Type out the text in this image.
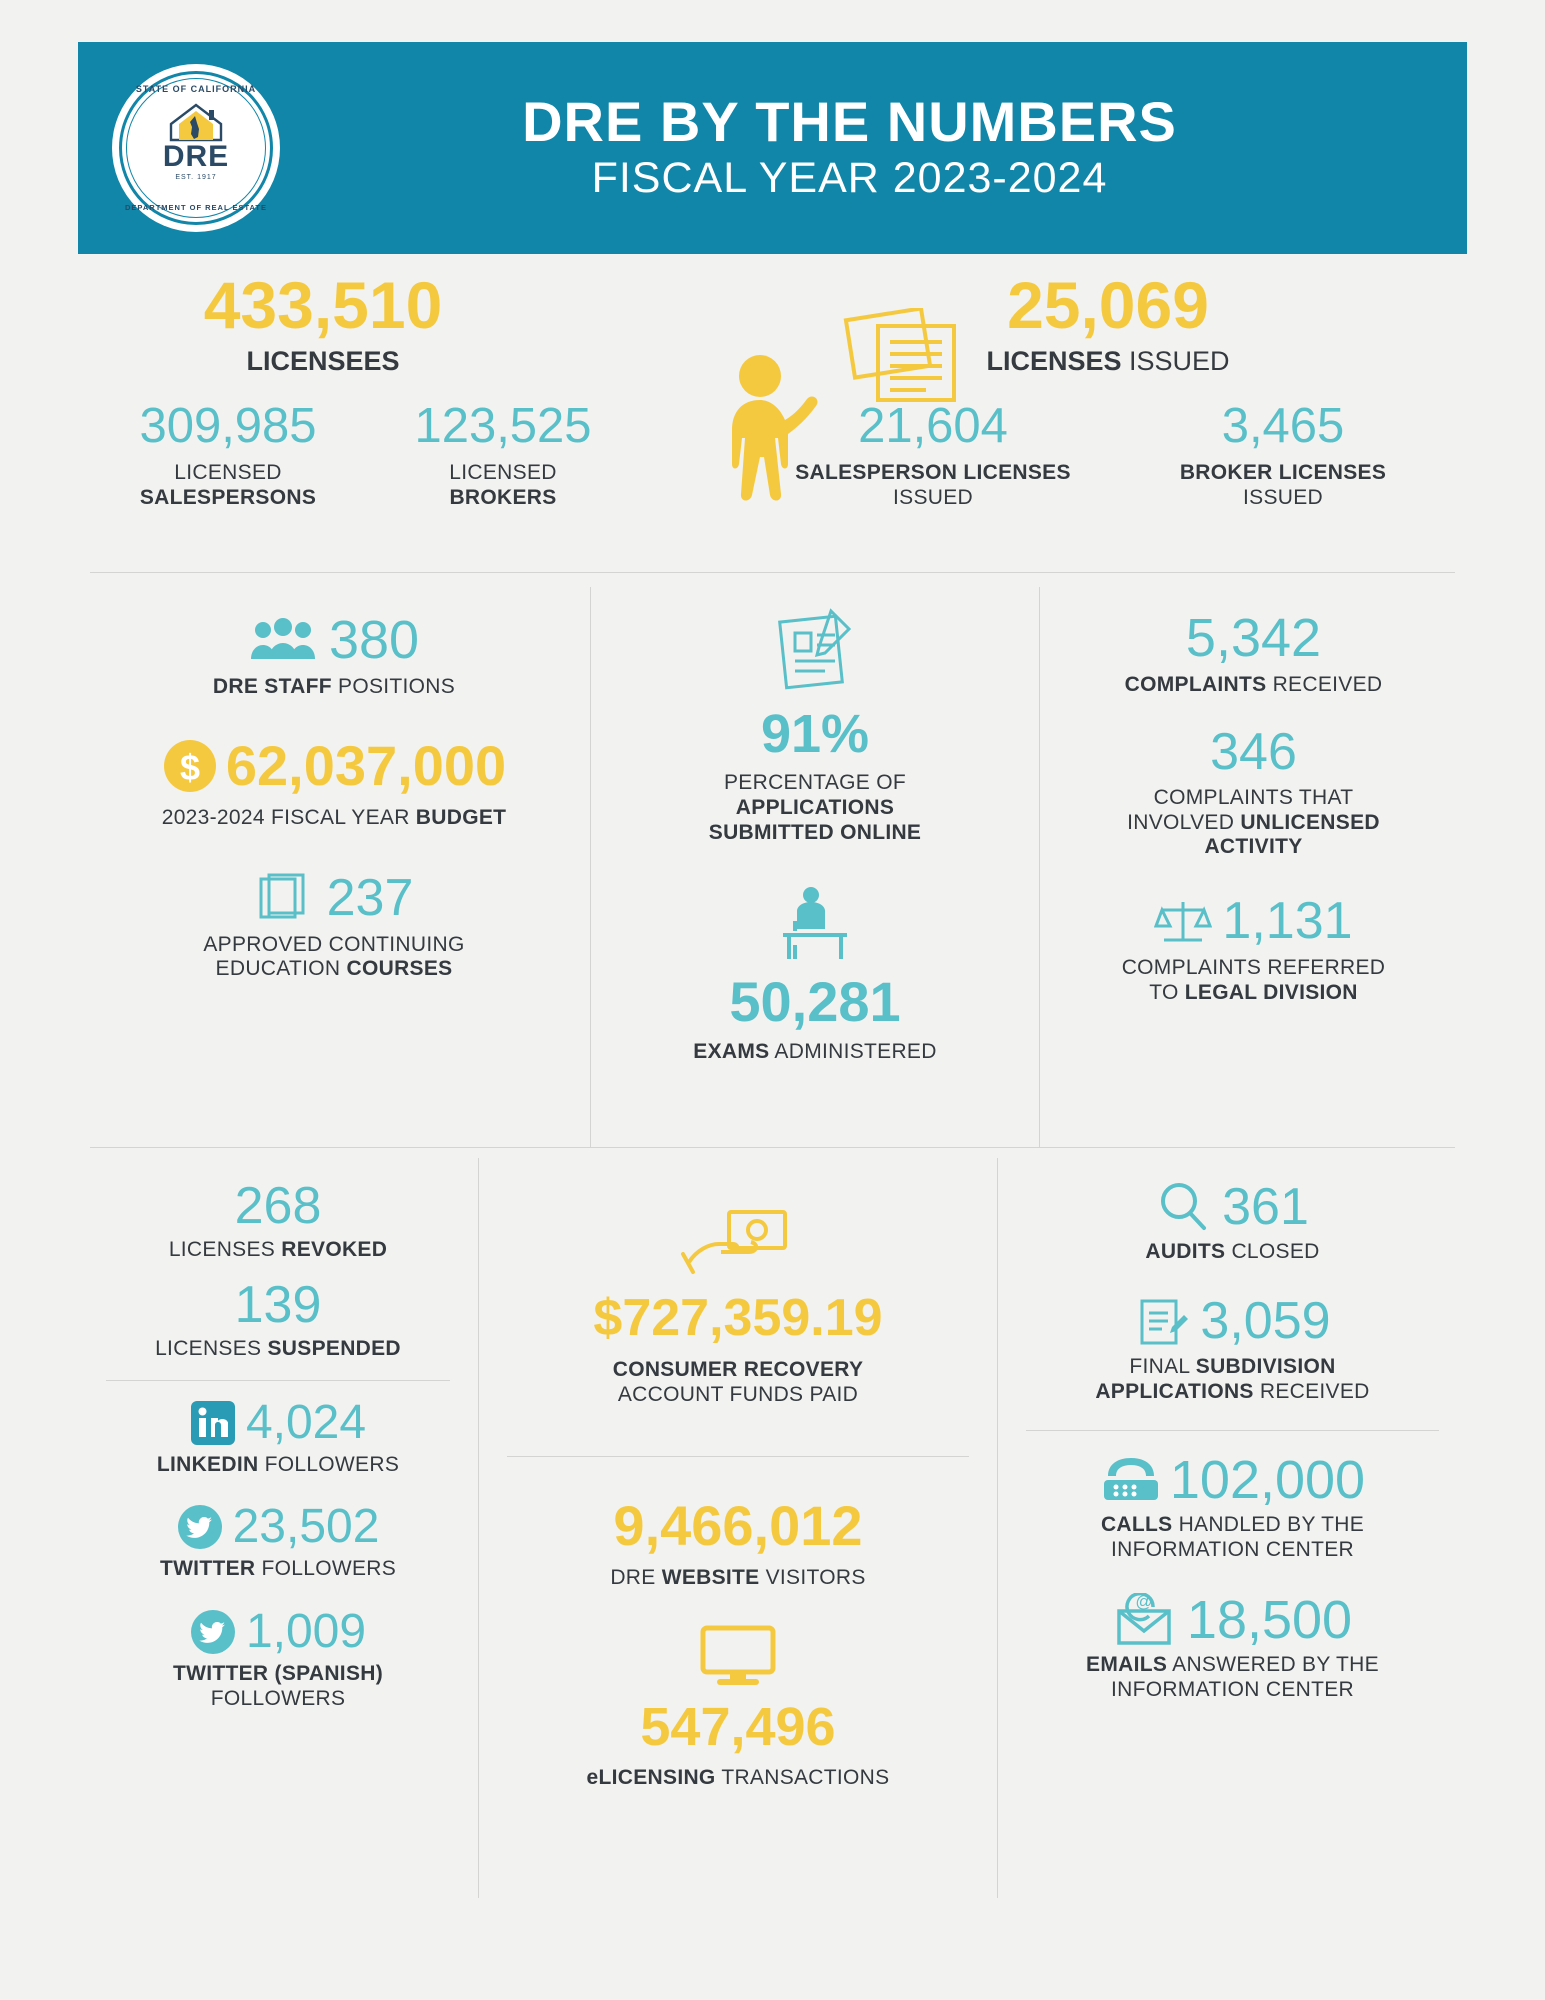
STATE OF CALIFORNIA
DRE
EST. 1917
DEPARTMENT OF REAL ESTATE
DRE BY THE NUMBERS
FISCAL YEAR 2023-2024
433,510
LICENSEES
25,069
LICENSES ISSUED
309,985
LICENSED
SALESPERSONS
123,525
LICENSED
BROKERS
21,604
SALESPERSON LICENSES
ISSUED
3,465
BROKER LICENSES
ISSUED
380
DRE STAFF POSITIONS
$ 62,037,000
2023-2024 FISCAL YEAR BUDGET
237
APPROVED CONTINUING
EDUCATION COURSES
91%
PERCENTAGE OF
APPLICATIONS
SUBMITTED ONLINE
50,281
EXAMS ADMINISTERED
5,342
COMPLAINTS RECEIVED
346
COMPLAINTS THAT
INVOLVED UNLICENSED
ACTIVITY
1,131
COMPLAINTS REFERRED
TO LEGAL DIVISION
268
LICENSES REVOKED
139
LICENSES SUSPENDED
4,024
LINKEDIN FOLLOWERS
23,502
TWITTER FOLLOWERS
1,009
TWITTER (SPANISH)
FOLLOWERS
$727,359.19
CONSUMER RECOVERY
ACCOUNT FUNDS PAID
9,466,012
DRE WEBSITE VISITORS
547,496
eLICENSING TRANSACTIONS
361
AUDITS CLOSED
3,059
FINAL SUBDIVISION
APPLICATIONS RECEIVED
102,000
CALLS HANDLED BY THE
INFORMATION CENTER
@ 18,500
EMAILS ANSWERED BY THE
INFORMATION CENTER
